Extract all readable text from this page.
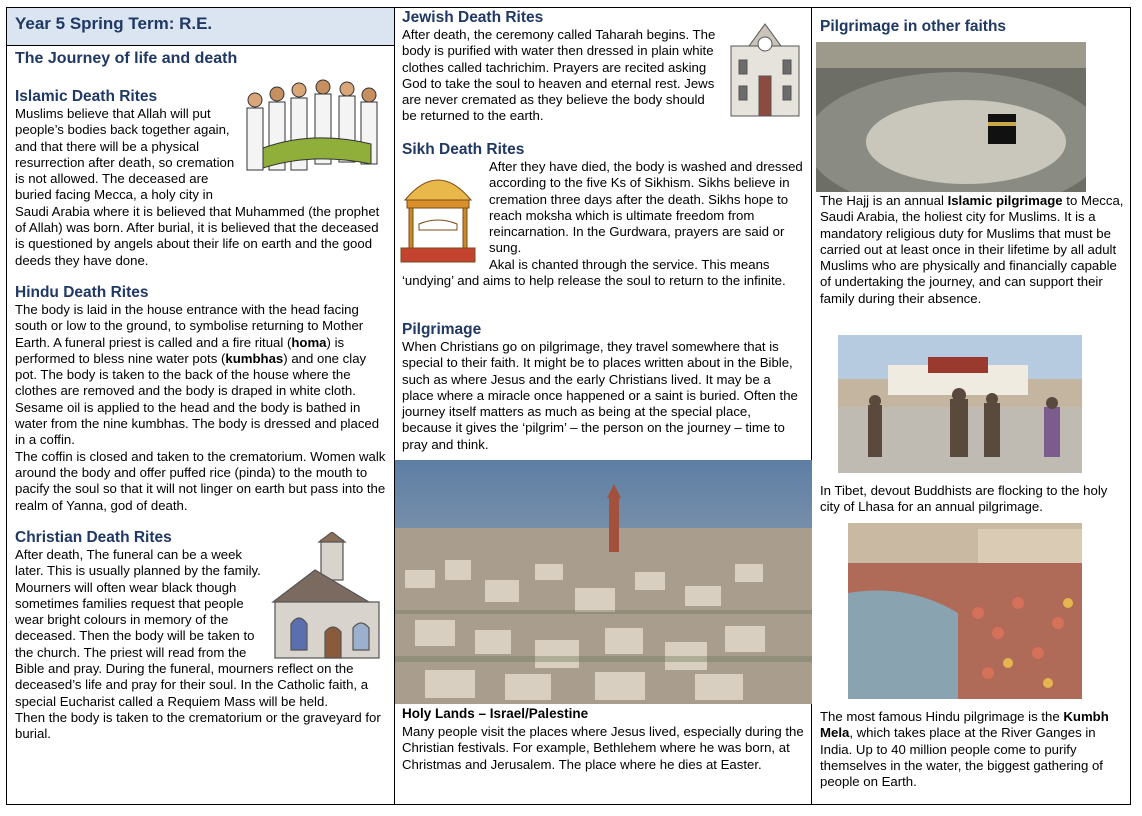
Year 5 Spring Term: R.E.
The Journey of life and death
Islamic Death Rites

Muslims believe that Allah will put people’s bodies back together again, and that there will be a physical resurrection after death, so cremation is not allowed. The deceased are buried facing Mecca, a holy city in Saudi Arabia where it is believed that Muhammed (the prophet of Allah) was born. After burial, it is believed that the deceased is questioned by angels about their life on earth and the good deeds they have done.

Hindu Death Rites

The body is laid in the house entrance with the head facing south or low to the ground, to symbolise returning to Mother Earth. A funeral priest is called and a fire ritual (homa) is performed to bless nine water pots (kumbhas) and one clay pot. The body is taken to the back of the house where the clothes are removed and the body is draped in white cloth. Sesame oil is applied to the head and the body is bathed in water from the nine kumbhas. The body is dressed and placed in a coffin.
The coffin is closed and taken to the crematorium. Women walk around the body and offer puffed rice (pinda) to the mouth to pacify the soul so that it will not linger on earth but pass into the realm of Yanna, god of death.

Christian Death Rites

After death, The funeral can be a week later. This is usually planned by the family. Mourners will often wear black though sometimes families request that people wear bright colours in memory of the deceased. Then the body will be taken to the church. The priest will read from the Bible and pray. During the funeral, mourners reflect on the deceased’s life and pray for their soul. In the Catholic faith, a special Eucharist called a Requiem Mass will be held.
Then the body is taken to the crematorium or the graveyard for burial.

Jewish Death Rites

After death, the ceremony called Taharah begins. The body is purified with water then dressed in plain white clothes called tachrichim. Prayers are recited asking God to take the soul to heaven and eternal rest. Jews are never cremated as they believe the body should be returned to the earth.

Sikh Death Rites

After they have died, the body is washed and dressed according to the five Ks of Sikhism. Sikhs believe in cremation three days after the death. Sikhs hope to reach moksha which is ultimate freedom from reincarnation. In the Gurdwara, prayers are said or sung.

Akal is chanted through the service. This means ‘undying’ and aims to help release the soul to return to the infinite.

Pilgrimage

When Christians go on pilgrimage, they travel somewhere that is special to their faith. It might be to places written about in the Bible, such as where Jesus and the early Christians lived. It may be a place where a miracle once happened or a saint is buried. Often the journey itself matters as much as being at the special place, because it gives the ‘pilgrim’ – the person on the journey – time to pray and think.

Holy Lands – Israel/Palestine

Many people visit the places where Jesus lived, especially during the Christian festivals. For example, Bethlehem where he was born, at Christmas and Jerusalem. The place where he dies at Easter.

Pilgrimage in other faiths

The Hajj is an annual Islamic pilgrimage to Mecca, Saudi Arabia, the holiest city for Muslims. It is a mandatory religious duty for Muslims that must be carried out at least once in their lifetime by all adult Muslims who are physically and financially capable of undertaking the journey, and can support their family during their absence.

In Tibet, devout Buddhists are flocking to the holy city of Lhasa for an annual pilgrimage.

The most famous Hindu pilgrimage is the Kumbh Mela, which takes place at the River Ganges in India. Up to 40 million people come to purify themselves in the water, the biggest gathering of people on Earth.
